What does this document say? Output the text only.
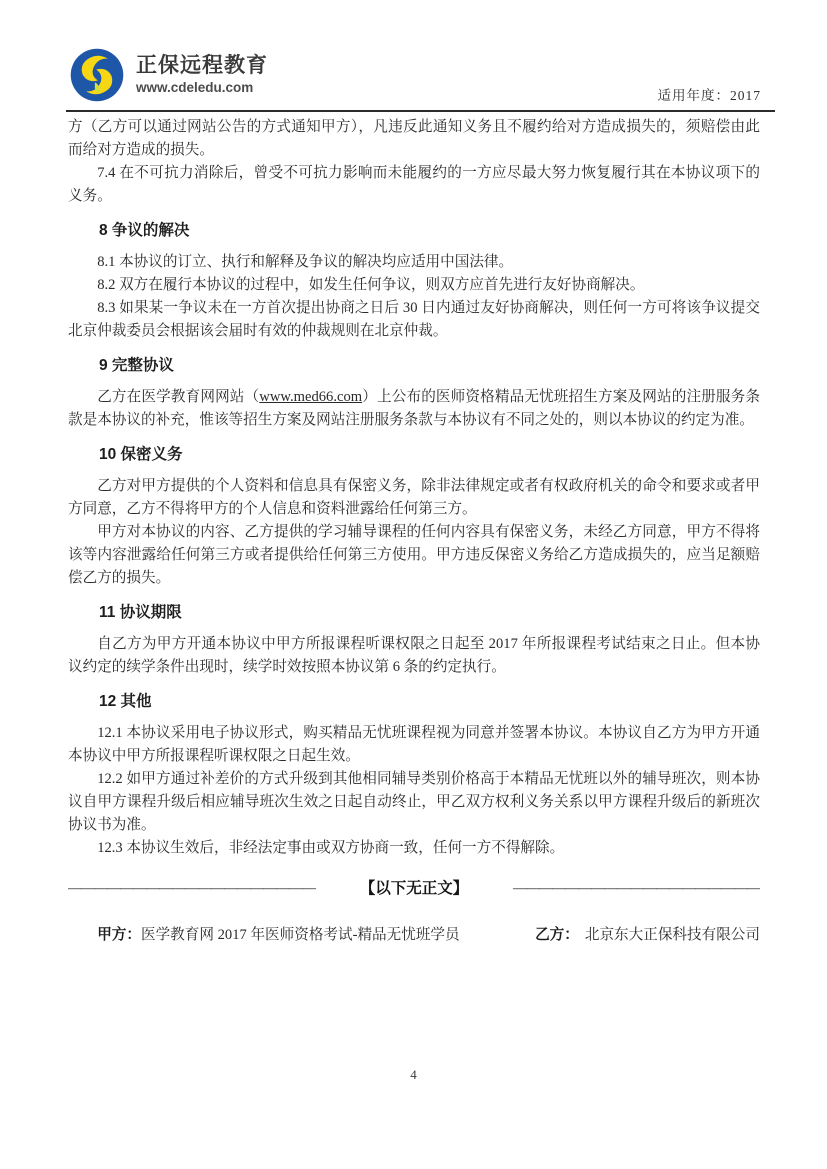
正保远程教育
www.cdeledu.com
适用年度：2017

方（乙方可以通过网站公告的方式通知甲方），凡违反此通知义务且不履约给对方造成损失的，须赔偿由此而给对方造成的损失。

7.4 在不可抗力消除后，曾受不可抗力影响而未能履约的一方应尽最大努力恢复履行其在本协议项下的义务。

8 争议的解决

8.1 本协议的订立、执行和解释及争议的解决均应适用中国法律。

8.2 双方在履行本协议的过程中，如发生任何争议，则双方应首先进行友好协商解决。

8.3 如果某一争议未在一方首次提出协商之日后 30 日内通过友好协商解决，则任何一方可将该争议提交北京仲裁委员会根据该会届时有效的仲裁规则在北京仲裁。

9 完整协议

乙方在医学教育网网站（www.med66.com）上公布的医师资格精品无忧班招生方案及网站的注册服务条款是本协议的补充，惟该等招生方案及网站注册服务条款与本协议有不同之处的，则以本协议的约定为准。

10 保密义务

乙方对甲方提供的个人资料和信息具有保密义务，除非法律规定或者有权政府机关的命令和要求或者甲方同意，乙方不得将甲方的个人信息和资料泄露给任何第三方。

甲方对本协议的内容、乙方提供的学习辅导课程的任何内容具有保密义务，未经乙方同意，甲方不得将该等内容泄露给任何第三方或者提供给任何第三方使用。甲方违反保密义务给乙方造成损失的，应当足额赔偿乙方的损失。

11 协议期限

自乙方为甲方开通本协议中甲方所报课程听课权限之日起至 2017 年所报课程考试结束之日止。但本协议约定的续学条件出现时，续学时效按照本协议第 6 条的约定执行。

12 其他

12.1 本协议采用电子协议形式，购买精品无忧班课程视为同意并签署本协议。本协议自乙方为甲方开通本协议中甲方所报课程听课权限之日起生效。

12.2 如甲方通过补差价的方式升级到其他相同辅导类别价格高于本精品无忧班以外的辅导班次，则本协议自甲方课程升级后相应辅导班次生效之日起自动终止，甲乙双方权利义务关系以甲方课程升级后的新班次协议书为准。

12.3 本协议生效后，非经法定事由或双方协商一致，任何一方不得解除。

———————————————————	【以下无正文】	———————————————————
甲方：医学教育网 2017 年医师资格考试-精品无忧班学员	乙方： 北京东大正保科技有限公司
4
